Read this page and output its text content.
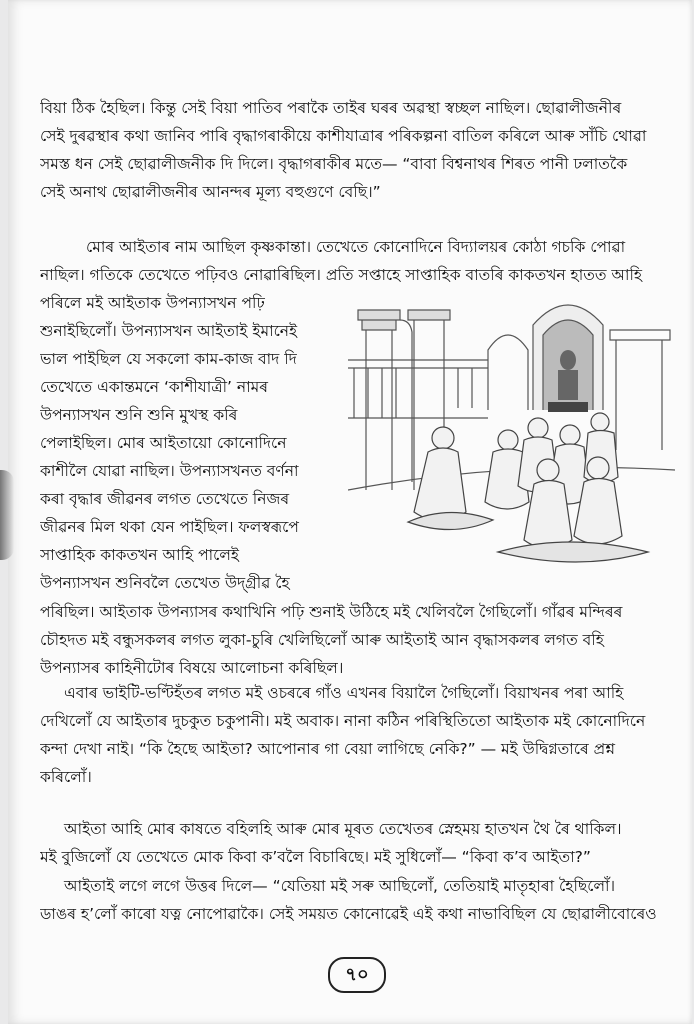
বিয়া ঠিক হৈছিল। কিন্তু সেই বিয়া পাতিব পৰাকৈ তাইৰ ঘৰৰ অৱস্থা স্বচ্ছল নাছিল। ছোৱালীজনীৰ
সেই দুৰৱস্থাৰ কথা জানিব পাৰি বৃদ্ধাগৰাকীয়ে কাশীযাত্ৰাৰ পৰিকল্পনা বাতিল কৰিলে আৰু সাঁচি থোৱা
সমস্ত ধন সেই ছোৱালীজনীক দি দিলে। বৃদ্ধাগৰাকীৰ মতে— “বাবা বিশ্বনাথৰ শিৰত পানী ঢলাতকৈ
সেই অনাথ ছোৱালীজনীৰ আনন্দৰ মূল্য বহুগুণে বেছি।”

মোৰ আইতাৰ নাম আছিল কৃষ্ণকান্তা। তেখেতে কোনোদিনে বিদ্যালয়ৰ কোঠা গচকি পোৱা
নাছিল। গতিকে তেখেতে পঢ়িবও নোৱাৰিছিল। প্ৰতি সপ্তাহে সাপ্তাহিক বাতৰি কাকতখন হাতত আহি

পৰিলে মই আইতাক উপন্যাসখন পঢ়ি
শুনাইছিলোঁ। উপন্যাসখন আইতাই ইমানেই
ভাল পাইছিল যে সকলো কাম-কাজ বাদ দি
তেখেতে একান্তমনে ‘কাশীযাত্ৰী’ নামৰ
উপন্যাসখন শুনি শুনি মুখস্থ কৰি
পেলাইছিল। মোৰ আইতায়ো কোনোদিনে
কাশীলৈ যোৱা নাছিল। উপন্যাসখনত বৰ্ণনা
কৰা বৃদ্ধাৰ জীৱনৰ লগত তেখেতে নিজৰ
জীৱনৰ মিল থকা যেন পাইছিল। ফলস্বৰূপে
সাপ্তাহিক কাকতখন আহি পালেই
উপন্যাসখন শুনিবলৈ তেখেত উদ্‌গ্ৰীৱ হৈ

পৰিছিল। আইতাক উপন্যাসৰ কথাখিনি পঢ়ি শুনাই উঠিহে মই খেলিবলৈ গৈছিলোঁ। গাঁৱৰ মন্দিৰৰ
চৌহদত মই বন্ধুসকলৰ লগত লুকা-চুৰি খেলিছিলোঁ আৰু আইতাই আন বৃদ্ধাসকলৰ লগত বহি
উপন্যাসৰ কাহিনীটোৰ বিষয়ে আলোচনা কৰিছিল।

এবাৰ ভাইটি-ভণ্টিহঁতৰ লগত মই ওচৰৰে গাঁও এখনৰ বিয়ালৈ গৈছিলোঁ। বিয়াখনৰ পৰা আহি
দেখিলোঁ যে আইতাৰ দুচকুত চকুপানী। মই অবাক। নানা কঠিন পৰিস্থিতিতো আইতাক মই কোনোদিনে
কন্দা দেখা নাই। “কি হৈছে আইতা? আপোনাৰ গা বেয়া লাগিছে নেকি?” — মই উদ্বিগ্নতাৰে প্ৰশ্ন
কৰিলোঁ।

আইতা আহি মোৰ কাষতে বহিলহি আৰু মোৰ মূৰত তেখেতৰ স্নেহময় হাতখন থৈ ৰৈ থাকিল।
মই বুজিলোঁ যে তেখেতে মোক কিবা ক’বলৈ বিচাৰিছে। মই সুধিলোঁ— “কিবা ক’ব আইতা?”

আইতাই লগে লগে উত্তৰ দিলে— “যেতিয়া মই সৰু আছিলোঁ, তেতিয়াই মাতৃহাৰা হৈছিলোঁ।
ডাঙৰ হ’লোঁ কাৰো যত্ন নোপোৱাকৈ। সেই সময়ত কোনোৱেই এই কথা নাভাবিছিল যে ছোৱালীবোৰেও

৭০
